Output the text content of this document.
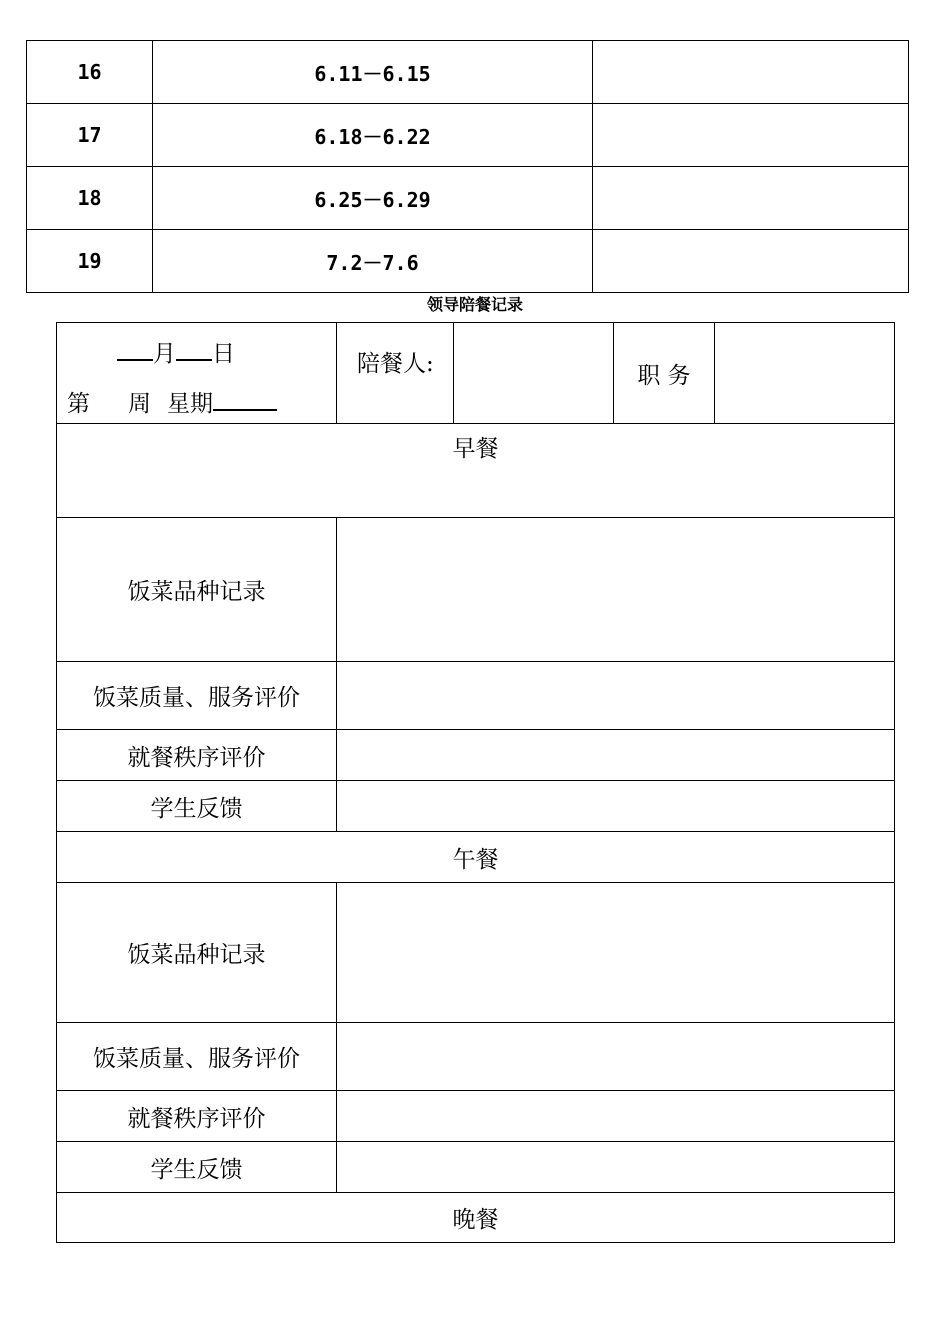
16	6.11－6.15	
17	6.18－6.22	
18	6.25－6.29	
19	7.2－7.6	
领导陪餐记录
月 日
第 周 星期	陪餐人:		职 务	
早餐				
饭菜品种记录				
饭菜质量、服务评价				
就餐秩序评价				
学生反馈				
午餐				
饭菜品种记录				
饭菜质量、服务评价				
就餐秩序评价				
学生反馈				
晚餐				
